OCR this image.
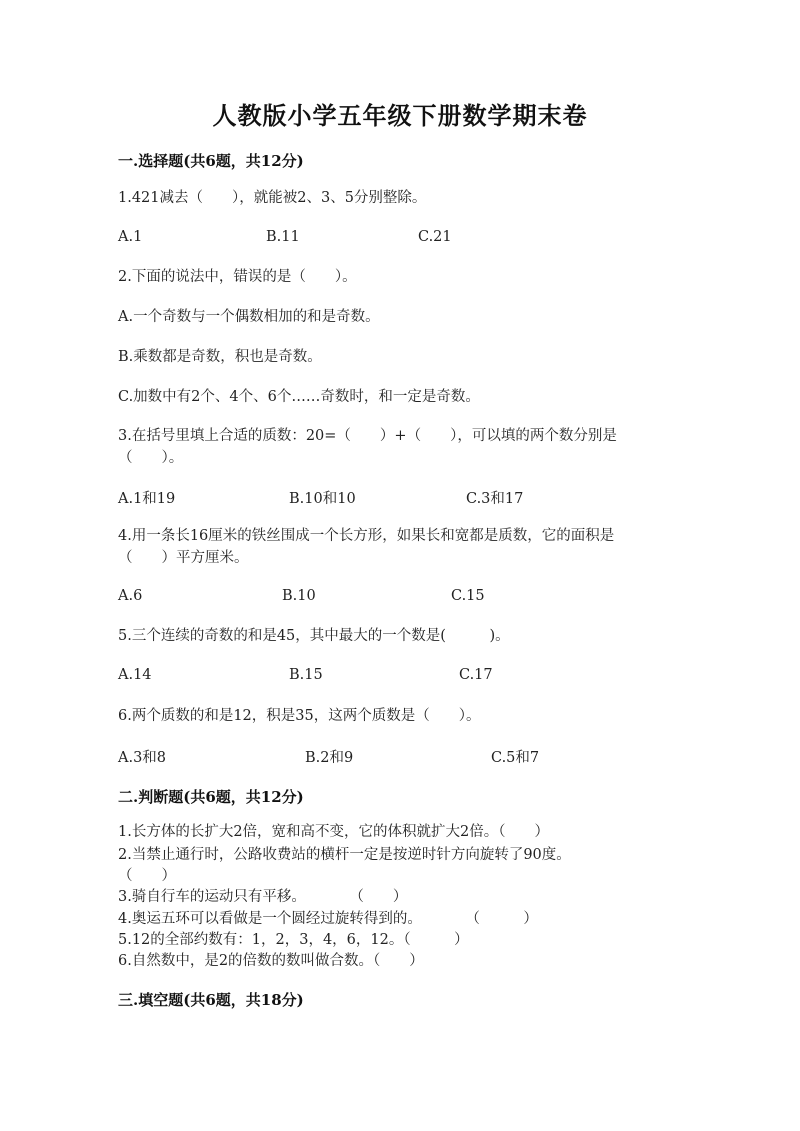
人教版小学五年级下册数学期末卷
一.选择题(共6题，共12分)
1.421减去（　　），就能被2、3、5分别整除。
A.1	B.11	C.21
2.下面的说法中，错误的是（　　）。
A.一个奇数与一个偶数相加的和是奇数。
B.乘数都是奇数，积也是奇数。
C.加数中有2个、4个、6个……奇数时，和一定是奇数。
3.在括号里填上合适的质数：20=（　　）+（　　），可以填的两个数分别是
（　　）。
A.1和19	B.10和10	C.3和17
4.用一条长16厘米的铁丝围成一个长方形，如果长和宽都是质数，它的面积是
（　　）平方厘米。
A.6	B.10	C.15
5.三个连续的奇数的和是45，其中最大的一个数是(　　　)。
A.14	B.15	C.17
6.两个质数的和是12，积是35，这两个质数是（　　）。
A.3和8	B.2和9	C.5和7
二.判断题(共6题，共12分)
1.长方体的长扩大2倍，宽和高不变，它的体积就扩大2倍。（　　）
2.当禁止通行时，公路收费站的横杆一定是按逆时针方向旋转了90度。
（　　）
3.骑自行车的运动只有平移。　　　　（　　）
4.奥运五环可以看做是一个圆经过旋转得到的。　　　　（　　　）
5.12的全部约数有：1，2，3，4，6，12。（　　　）
6.自然数中，是2的倍数的数叫做合数。（　　）
三.填空题(共6题，共18分)
